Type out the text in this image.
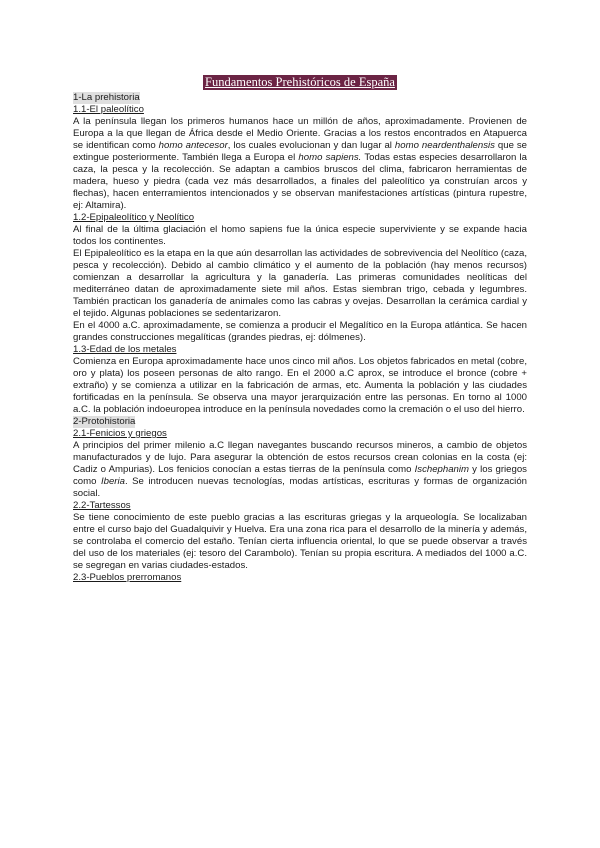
Fundamentos Prehistóricos de España
1-La prehistoria
1.1-El paleolítico

A la península llegan los primeros humanos hace un millón de años, aproximadamente. Provienen de Europa a la que llegan de África desde el Medio Oriente. Gracias a los restos encontrados en Atapuerca se identifican como homo antecesor, los cuales evolucionan y dan lugar al homo neardenthalensis que se extingue posteriormente. También llega a Europa el homo sapiens. Todas estas especies desarrollaron la caza, la pesca y la recolección. Se adaptan a cambios bruscos del clima, fabricaron herramientas de madera, hueso y piedra (cada vez más desarrollados, a finales del paleolítico ya construían arcos y flechas), hacen enterramientos intencionados y se observan manifestaciones artísticas (pintura rupestre, ej: Altamira).

1.2-Epipaleolítico y Neolítico

Al final de la última glaciación el homo sapiens fue la única especie superviviente y se expande hacia todos los continentes.

El Epipaleolítico es la etapa en la que aún desarrollan las actividades de sobrevivencia del Neolítico (caza, pesca y recolección). Debido al cambio climático y el aumento de la población (hay menos recursos) comienzan a desarrollar la agricultura y la ganadería. Las primeras comunidades neolíticas del mediterráneo datan de aproximadamente siete mil años. Estas siembran trigo, cebada y legumbres. También practican los ganadería de animales como las cabras y ovejas. Desarrollan la cerámica cardial y el tejido. Algunas poblaciones se sedentarizaron.

En el 4000 a.C. aproximadamente, se comienza a producir el Megalítico en la Europa atlántica. Se hacen grandes construcciones megalíticas (grandes piedras, ej: dólmenes).

1.3-Edad de los metales

Comienza en Europa aproximadamente hace unos cinco mil años. Los objetos fabricados en metal (cobre, oro y plata) los poseen personas de alto rango. En el 2000 a.C aprox, se introduce el bronce (cobre + extraño) y se comienza a utilizar en la fabricación de armas, etc. Aumenta la población y las ciudades fortificadas en la península. Se observa una mayor jerarquización entre las personas. En torno al 1000 a.C. la población indoeuropea introduce en la península novedades como la cremación o el uso del hierro.

2-Protohistoria
2.1-Fenicios y griegos

A principios del primer milenio a.C llegan navegantes buscando recursos mineros, a cambio de objetos manufacturados y de lujo. Para asegurar la obtención de estos recursos crean colonias en la costa (ej: Cadiz o Ampurias). Los fenicios conocían a estas tierras de la península como Ischephanim y los griegos como Iberia. Se introducen nuevas tecnologías, modas artísticas, escrituras y formas de organización social.

2.2-Tartessos

Se tiene conocimiento de este pueblo gracias a las escrituras griegas y la arqueología. Se localizaban entre el curso bajo del Guadalquivir y Huelva. Era una zona rica para el desarrollo de la minería y además, se controlaba el comercio del estaño. Tenían cierta influencia oriental, lo que se puede observar a través del uso de los materiales (ej: tesoro del Carambolo). Tenían su propia escritura. A mediados del 1000 a.C. se segregan en varias ciudades-estados.

2.3-Pueblos prerromanos
